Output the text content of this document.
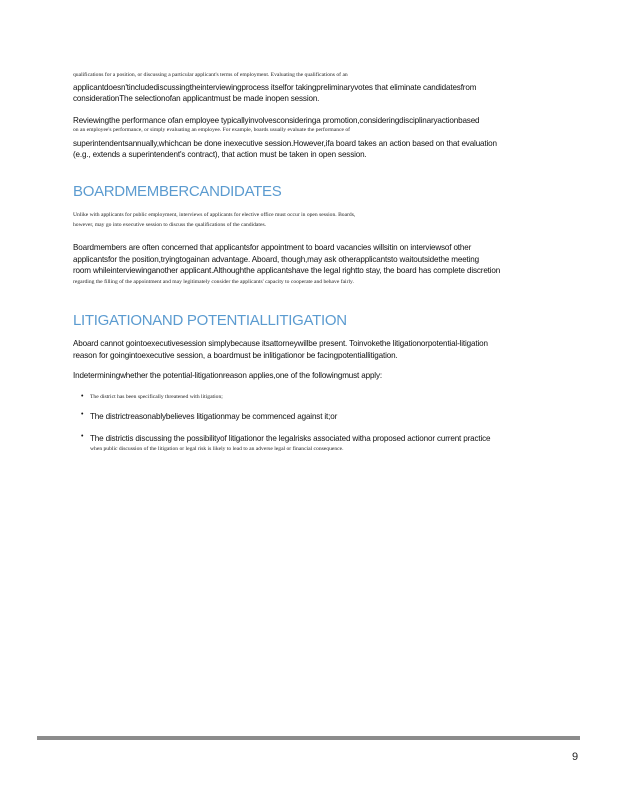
qualifications for a position, or discussing a particular applicant's terms of employment. Evaluating the qualifications of an
applicantdoesn'tincludediscussingtheinterviewingprocess itselfor takingpreliminaryvotes that eliminate candidatesfrom
considerationThe selectionofan applicantmust be made inopen session.
Reviewingthe performance ofan employee typicallyinvolvesconsideringa promotion,consideringdisciplinaryactionbased
on an employee's performance, or simply evaluating an employee. For example, boards usually evaluate the performance of
superintendentsannually,whichcan be done inexecutive session.However,ifa board takes an action based on that evaluation
(e.g., extends a superintendent's contract), that action must be taken in open session.
BOARDMEMBERCANDIDATES
Unlike with applicants for public employment, interviews of applicants for elective office must occur in open session. Boards,
however, may go into executive session to discuss the qualifications of the candidates.
Boardmembers are often concerned that applicantsfor appointment to board vacancies willsitin on interviewsof other
applicantsfor the position,tryingtogainan advantage. Aboard, though,may ask otherapplicantsto waitoutsidethe meeting
room whileinterviewinganother applicant.Althoughthe applicantshave the legal rightto stay, the board has complete discretion
regarding the filling of the appointment and may legitimately consider the applicants' capacity to cooperate and behave fairly.
LITIGATIONAND POTENTIALLITIGATION
Aboard cannot gointoexecutivesession simplybecause itsattorneywillbe present. Toinvokethe litigationorpotential-litigation
reason for goingintoexecutive session, a boardmust be inlitigationor be facingpotentiallitigation.
Indeterminingwhether the potential-litigationreason applies,one of the followingmust apply:
• The district has been specifically threatened with litigation;
• The districtreasonablybelieves litigationmay be commenced against it;or
• The districtis discussing the possibilityof litigationor the legalrisks associated witha proposed actionor current practice
when public discussion of the litigation or legal risk is likely to lead to an adverse legal or financial consequence.
9
